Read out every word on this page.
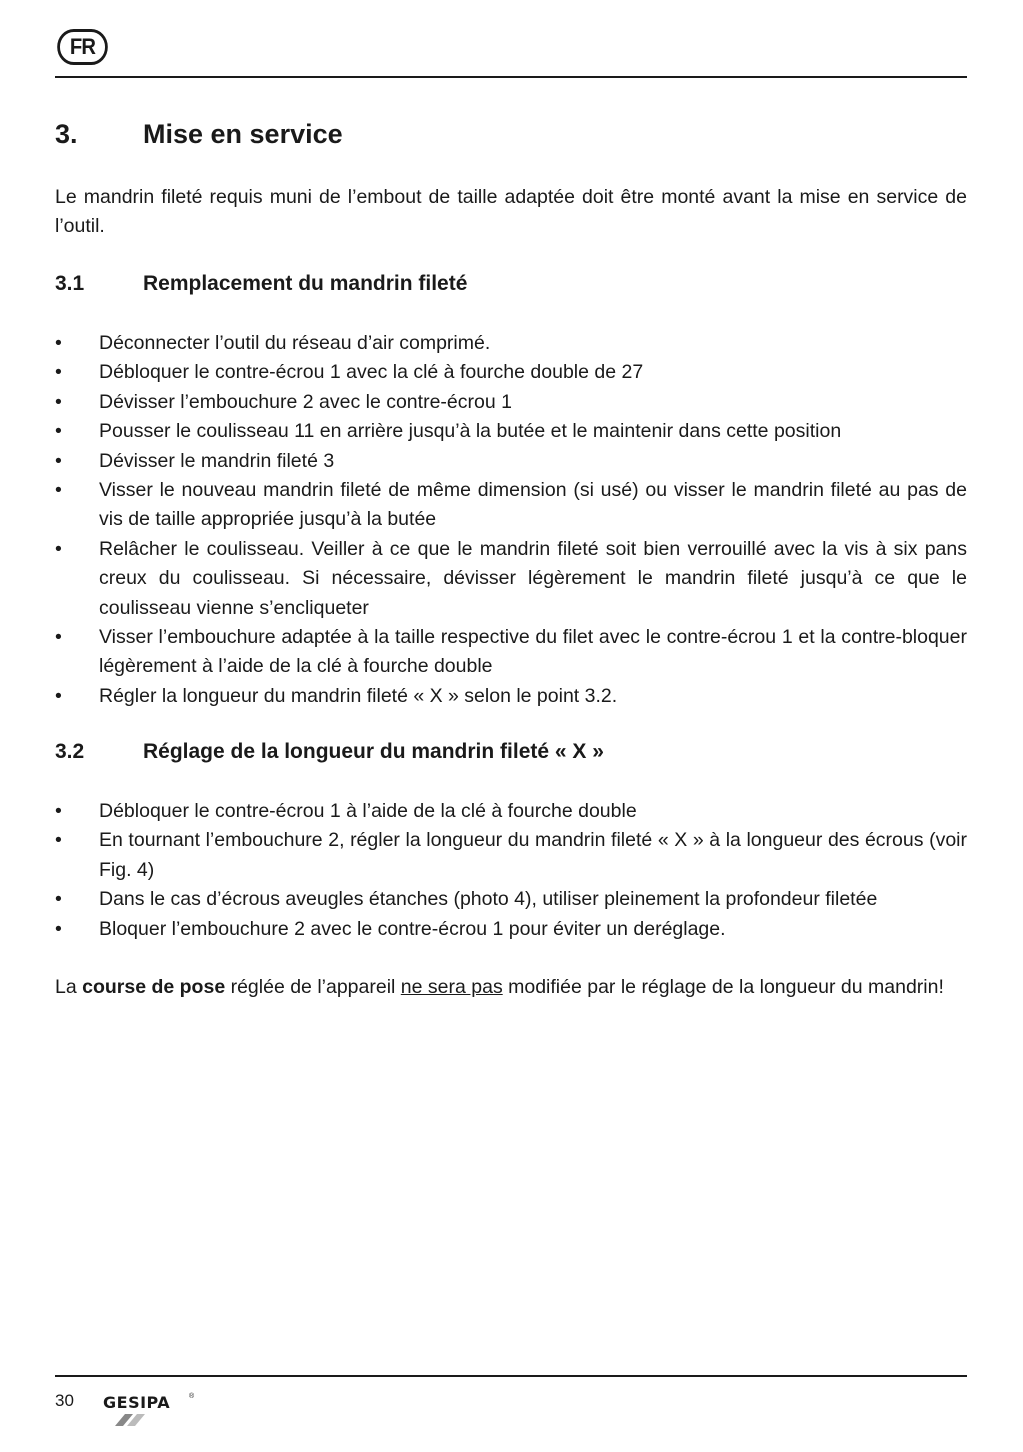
FR
3. Mise en service

Le mandrin fileté requis muni de l’embout de taille adaptée doit être monté avant la mise en service de l’outil.

3.1	Remplacement du mandrin fileté
• Déconnecter l’outil du réseau d’air comprimé.
• Débloquer le contre-écrou 1 avec la clé à fourche double de 27
• Dévisser l’embouchure 2 avec le contre-écrou 1
• Pousser le coulisseau 11 en arrière jusqu’à la butée et le maintenir dans cette position
• Dévisser le mandrin fileté 3
• Visser le nouveau mandrin fileté de même dimension (si usé) ou visser le mandrin fileté au pas de vis de taille appropriée jusqu’à la butée
• Relâcher le coulisseau. Veiller à ce que le mandrin fileté soit bien verrouillé avec la vis à six pans creux du coulisseau. Si nécessaire, dévisser légèrement le mandrin fileté jusqu’à ce que le coulisseau vienne s’encliqueter
• Visser l’embouchure adaptée à la taille respective du filet avec le contre-écrou 1 et la contre-bloquer légèrement à l’aide de la clé à fourche double
• Régler la longueur du mandrin fileté « X » selon le point 3.2.
3.2	Réglage de la longueur du mandrin fileté « X »
• Débloquer le contre-écrou 1 à l’aide de la clé à fourche double
• En tournant l’embouchure 2, régler la longueur du mandrin fileté « X » à la longueur des écrous (voir Fig. 4)
• Dans le cas d’écrous aveugles étanches (photo 4), utiliser pleinement la profondeur filetée
• Bloquer l’embouchure 2 avec le contre-écrou 1 pour éviter un deréglage.

La course de pose réglée de l’appareil ne sera pas modifiée par le réglage de la longueur du mandrin!

30 GESIPA	®
